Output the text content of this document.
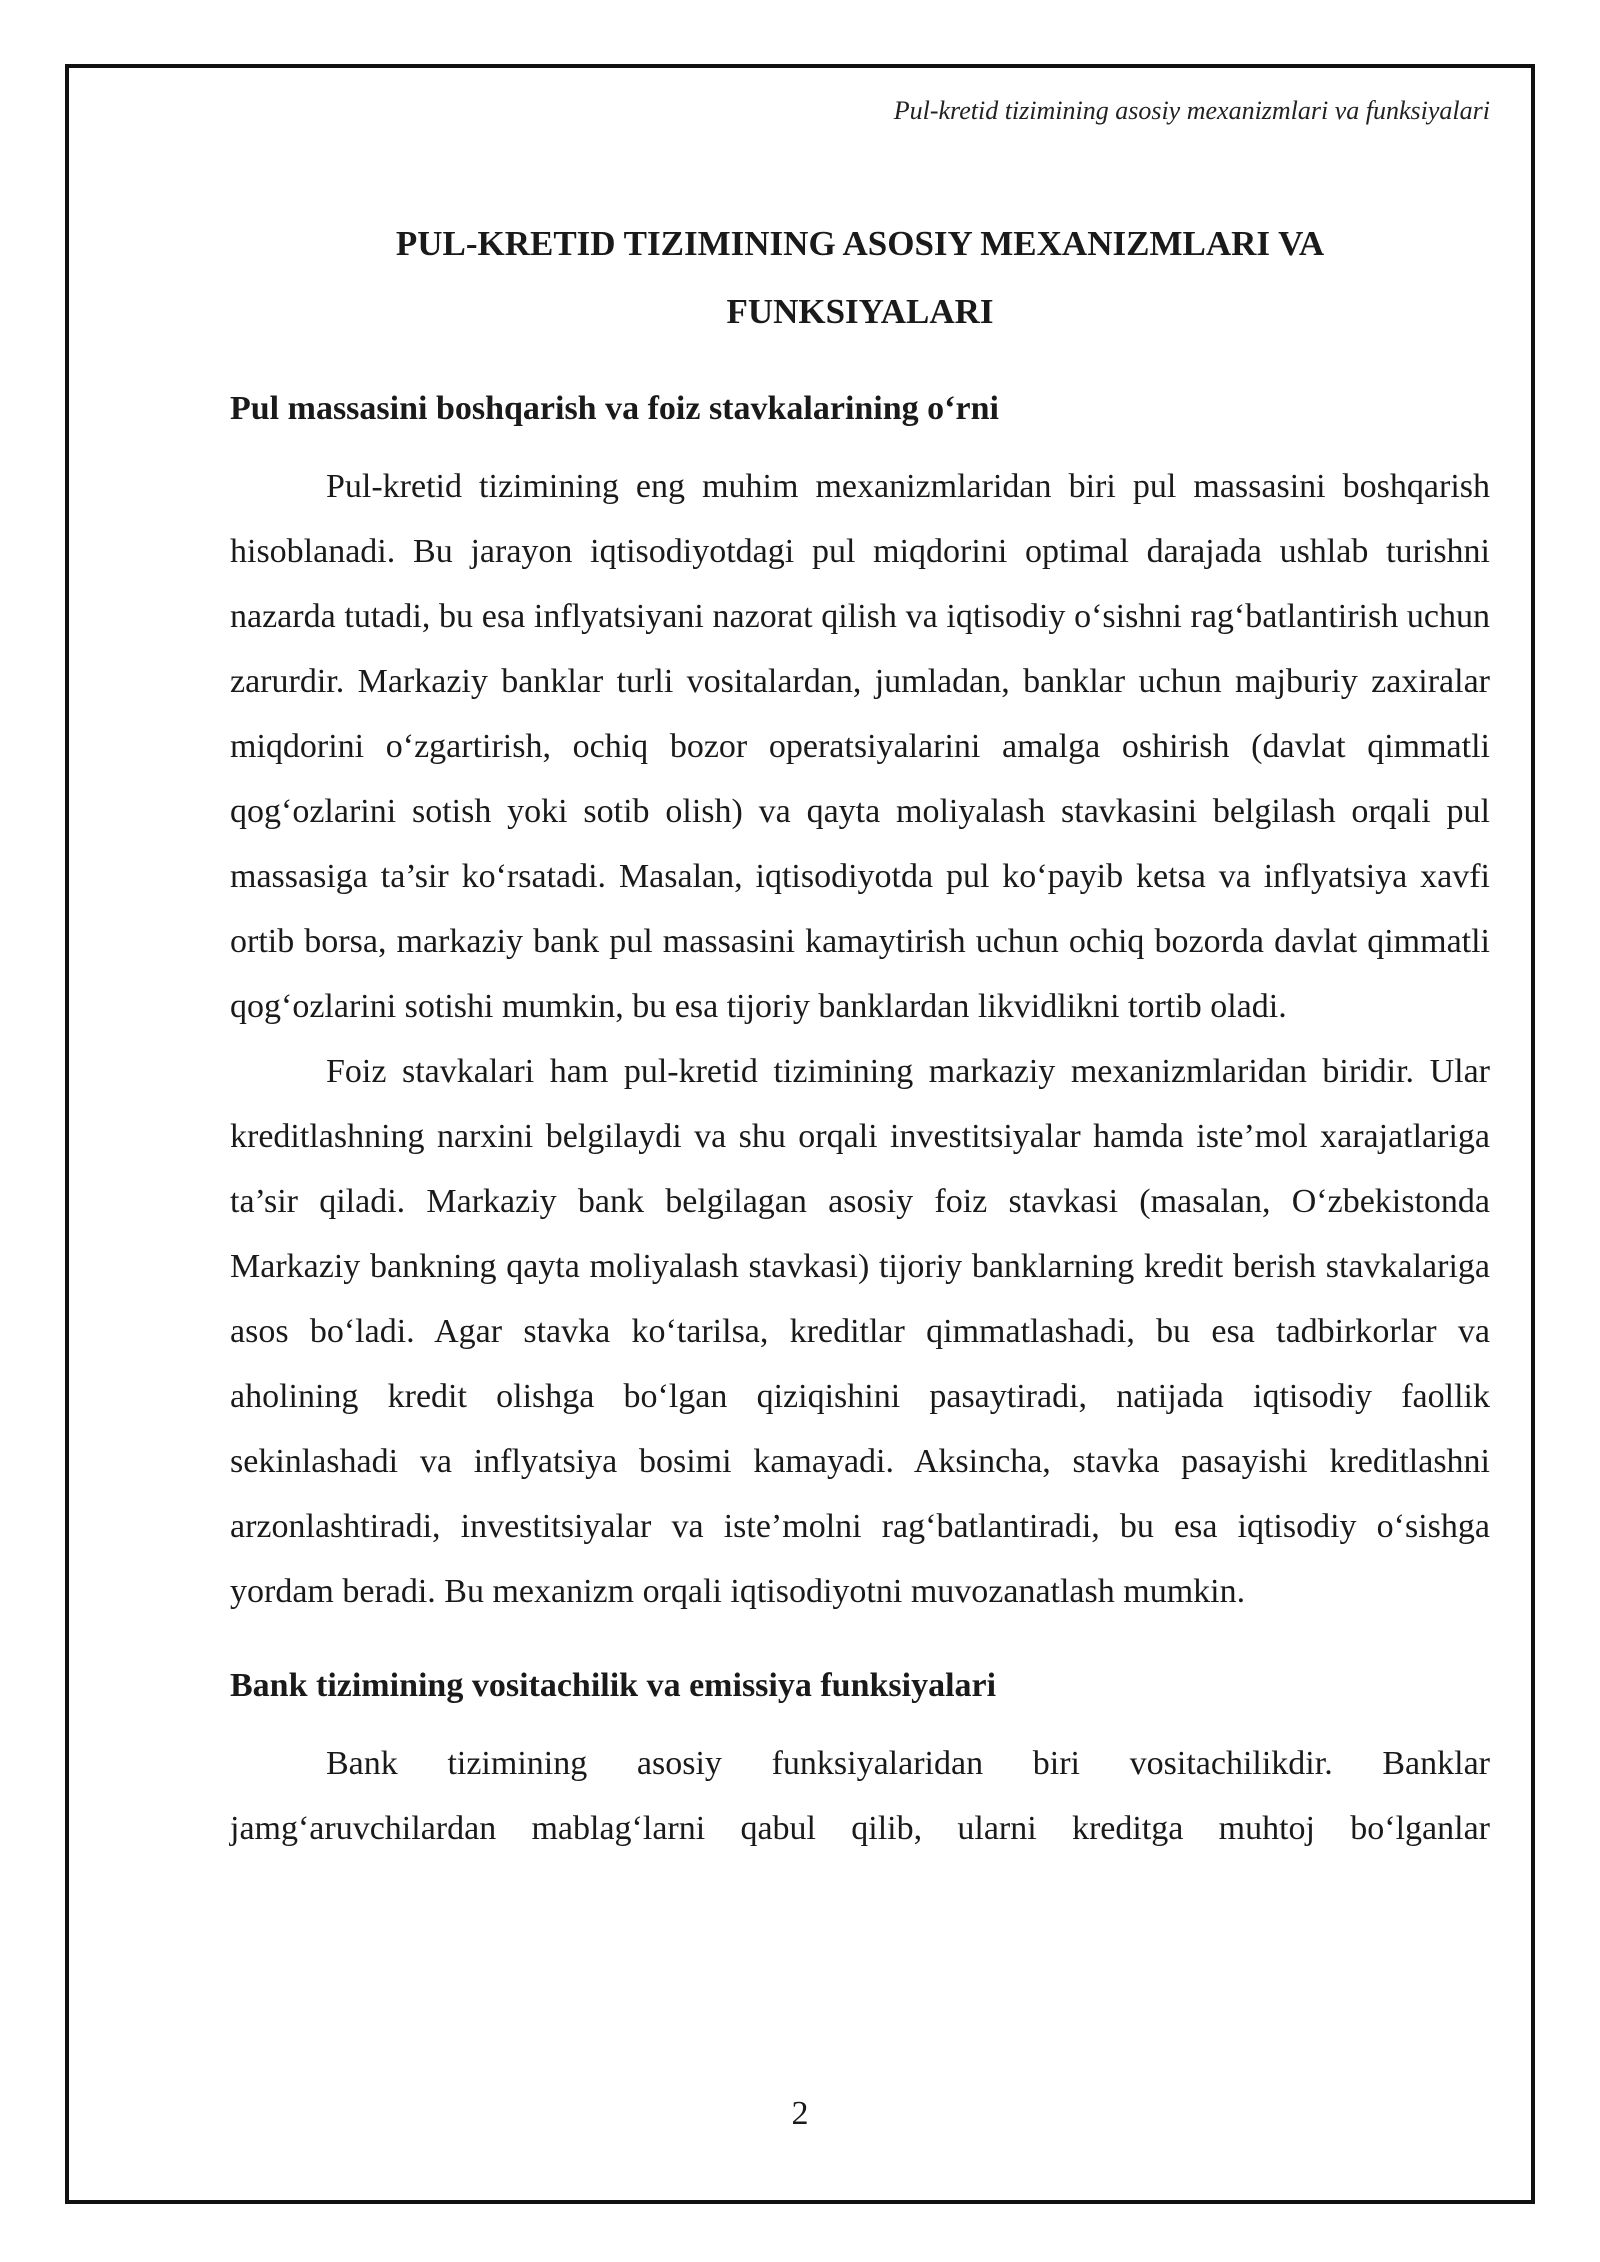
Pul-kretid tizimining asosiy mexanizmlari va funksiyalari

PUL-KRETID TIZIMINING ASOSIY MEXANIZMLARI VA
FUNKSIYALARI
Pul massasini boshqarish va foiz stavkalarining o‘rni

Pul-kretid tizimining eng muhim mexanizmlaridan biri pul massasini boshqarish hisoblanadi. Bu jarayon iqtisodiyotdagi pul miqdorini optimal darajada ushlab turishni nazarda tutadi, bu esa inflyatsiyani nazorat qilish va iqtisodiy o‘sishni rag‘batlantirish uchun zarurdir. Markaziy banklar turli vositalardan, jumladan, banklar uchun majburiy zaxiralar miqdorini o‘zgartirish, ochiq bozor operatsiyalarini amalga oshirish (davlat qimmatli qog‘ozlarini sotish yoki sotib olish) va qayta moliyalash stavkasini belgilash orqali pul massasiga ta’sir ko‘rsatadi. Masalan, iqtisodiyotda pul ko‘payib ketsa va inflyatsiya xavfi ortib borsa, markaziy bank pul massasini kamaytirish uchun ochiq bozorda davlat qimmatli qog‘ozlarini sotishi mumkin, bu esa tijoriy banklardan likvidlikni tortib oladi.

Foiz stavkalari ham pul-kretid tizimining markaziy mexanizmlaridan biridir. Ular kreditlashning narxini belgilaydi va shu orqali investitsiyalar hamda iste’mol xarajatlariga ta’sir qiladi. Markaziy bank belgilagan asosiy foiz stavkasi (masalan, O‘zbekistonda Markaziy bankning qayta moliyalash stavkasi) tijoriy banklarning kredit berish stavkalariga asos bo‘ladi. Agar stavka ko‘tarilsa, kreditlar qimmatlashadi, bu esa tadbirkorlar va aholining kredit olishga bo‘lgan qiziqishini pasaytiradi, natijada iqtisodiy faollik sekinlashadi va inflyatsiya bosimi kamayadi. Aksincha, stavka pasayishi kreditlashni arzonlashtiradi, investitsiyalar va iste’molni rag‘batlantiradi, bu esa iqtisodiy o‘sishga yordam beradi. Bu mexanizm orqali iqtisodiyotni muvozanatlash mumkin.

Bank tizimining vositachilik va emissiya funksiyalari

Bank tizimining asosiy funksiyalaridan biri vositachilikdir. Banklar jamg‘aruvchilardan mablag‘larni qabul qilib, ularni kreditga muhtoj bo‘lganlar

2
